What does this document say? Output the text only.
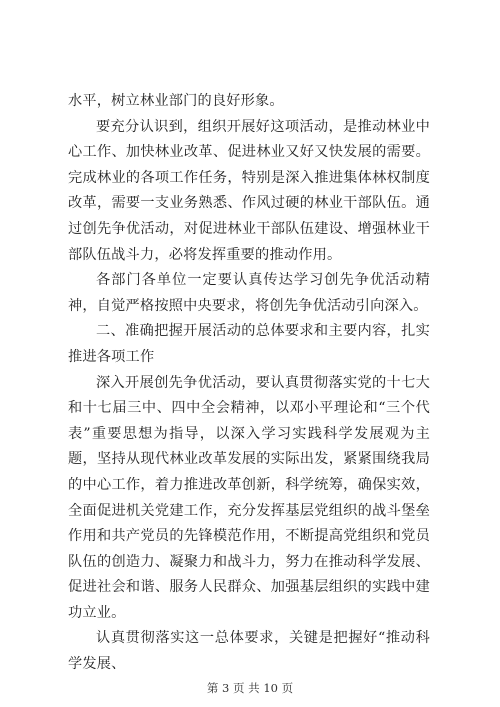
水平，树立林业部门的良好形象。

要充分认识到，组织开展好这项活动，是推动林业中心工作、加快林业改革、促进林业又好又快发展的需要。完成林业的各项工作任务，特别是深入推进集体林权制度改革，需要一支业务熟悉、作风过硬的林业干部队伍。通过创先争优活动，对促进林业干部队伍建设、增强林业干部队伍战斗力，必将发挥重要的推动作用。

各部门各单位一定要认真传达学习创先争优活动精神，自觉严格按照中央要求，将创先争优活动引向深入。

二、准确把握开展活动的总体要求和主要内容，扎实推进各项工作

深入开展创先争优活动，要认真贯彻落实党的十七大和十七届三中、四中全会精神，以邓小平理论和“三个代表”重要思想为指导，以深入学习实践科学发展观为主题，坚持从现代林业改革发展的实际出发，紧紧围绕我局的中心工作，着力推进改革创新，科学统筹，确保实效，全面促进机关党建工作，充分发挥基层党组织的战斗堡垒作用和共产党员的先锋模范作用，不断提高党组织和党员队伍的创造力、凝聚力和战斗力，努力在推动科学发展、促进社会和谐、服务人民群众、加强基层组织的实践中建功立业。

认真贯彻落实这一总体要求，关键是把握好“推动科学发展、

第 3 页 共 10 页
